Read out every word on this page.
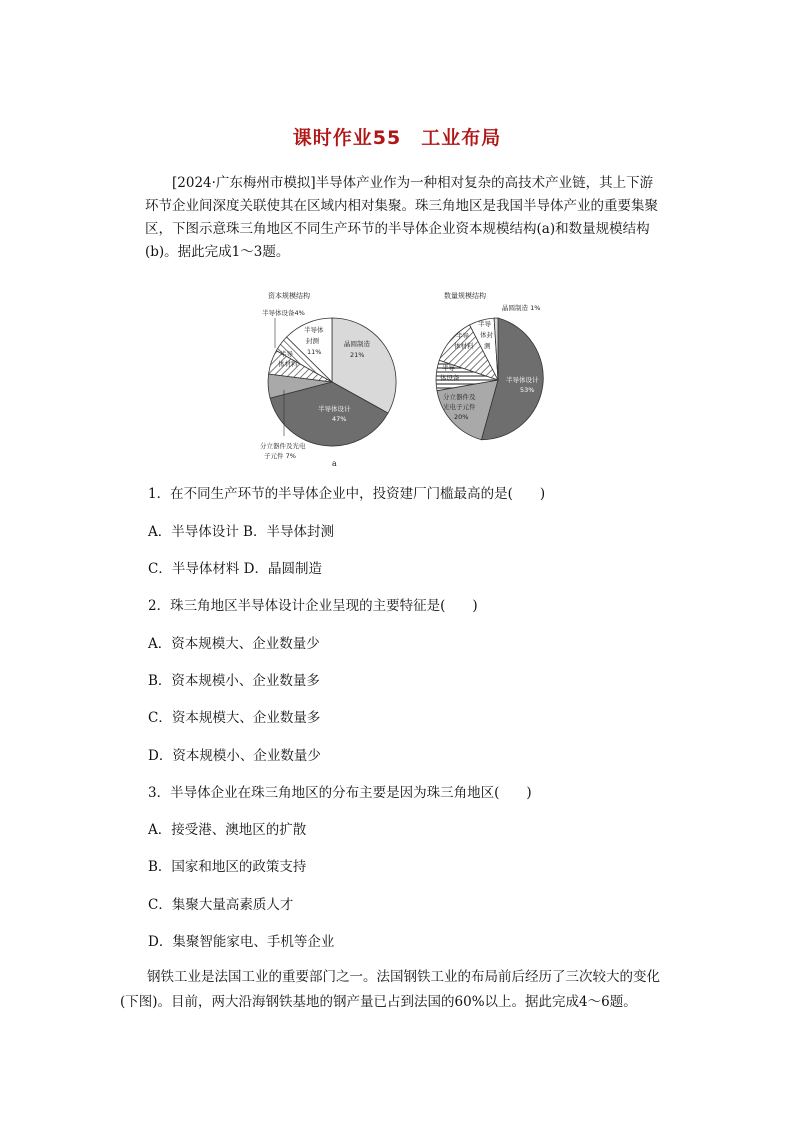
课时作业55　工业布局
[2024·广东梅州市模拟]半导体产业作为一种相对复杂的高技术产业链，其上下游环节企业间深度关联使其在区域内相对集聚。珠三角地区是我国半导体产业的重要集聚区，下图示意珠三角地区不同生产环节的半导体企业资本规模结构(a)和数量规模结构(b)。据此完成1～3题。
资本规模结构
半导体设备4%
半导体
封测
11%
晶圆制造
21%
半导
体材料
半导体设计
47%
分立器件及光电
子元件 7%
a
数量规模结构
晶圆制造 1%
半导
体封
测
半导
体材料
半导
体设备	半导体设计
53%
分立器件及
光电子元件
20%
1．在不同生产环节的半导体企业中，投资建厂门槛最高的是(　　)
A．半导体设计 B．半导体封测
C．半导体材料 D．晶圆制造
2．珠三角地区半导体设计企业呈现的主要特征是(　　)
A．资本规模大、企业数量少
B．资本规模小、企业数量多
C．资本规模大、企业数量多
D．资本规模小、企业数量少
3．半导体企业在珠三角地区的分布主要是因为珠三角地区(　　)
A．接受港、澳地区的扩散
B．国家和地区的政策支持
C．集聚大量高素质人才
D．集聚智能家电、手机等企业
钢铁工业是法国工业的重要部门之一。法国钢铁工业的布局前后经历了三次较大的变化(下图)。目前，两大沿海钢铁基地的钢产量已占到法国的60%以上。据此完成4～6题。
